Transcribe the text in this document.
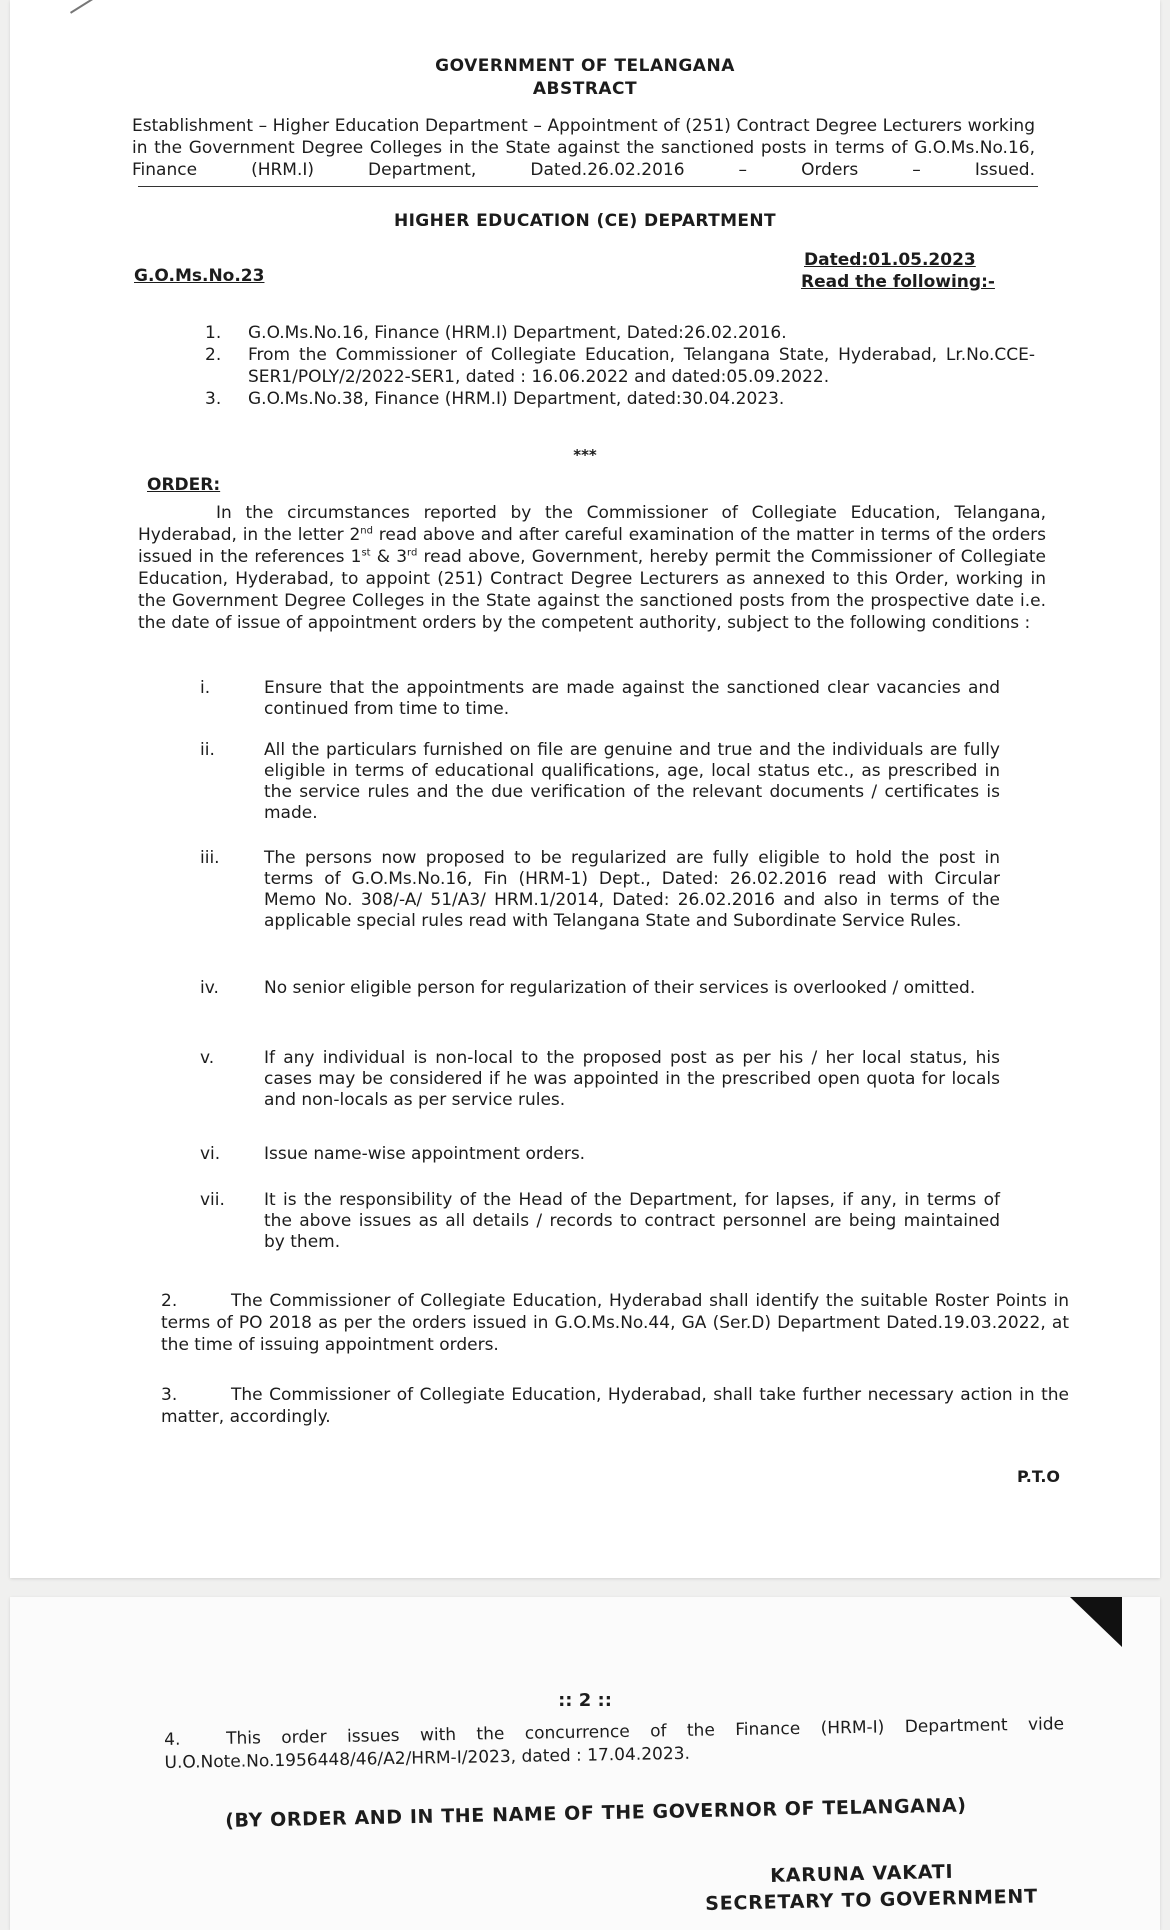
GOVERNMENT OF TELANGANA
ABSTRACT
Establishment – Higher Education Department – Appointment of (251) Contract Degree Lecturers working in the Government Degree Colleges in the State against the sanctioned posts in terms of G.O.Ms.No.16, Finance (HRM.I) Department, Dated.26.02.2016 – Orders – Issued.
HIGHER EDUCATION (CE) DEPARTMENT
G.O.Ms.No.23
Dated:01.05.2023
Read the following:-
1.	G.O.Ms.No.16, Finance (HRM.I) Department, Dated:26.02.2016.
2.	From the Commissioner of Collegiate Education, Telangana State, Hyderabad, Lr.No.CCE-SER1/POLY/2/2022-SER1, dated : 16.06.2022 and dated:05.09.2022.
3.	G.O.Ms.No.38, Finance (HRM.I) Department, dated:30.04.2023.
***
ORDER:
In the circumstances reported by the Commissioner of Collegiate Education, Telangana, Hyderabad, in the letter 2nd read above and after careful examination of the matter in terms of the orders issued in the references 1st & 3rd read above, Government, hereby permit the Commissioner of Collegiate Education, Hyderabad, to appoint (251) Contract Degree Lecturers as annexed to this Order, working in the Government Degree Colleges in the State against the sanctioned posts from the prospective date i.e. the date of issue of appointment orders by the competent authority, subject to the following conditions :
i.	Ensure that the appointments are made against the sanctioned clear vacancies and continued from time to time.
ii.	All the particulars furnished on file are genuine and true and the individuals are fully eligible in terms of educational qualifications, age, local status etc., as prescribed in the service rules and the due verification of the relevant documents / certificates is made.
iii.	The persons now proposed to be regularized are fully eligible to hold the post in terms of G.O.Ms.No.16, Fin (HRM-1) Dept., Dated: 26.02.2016 read with Circular Memo No. 308/-A/ 51/A3/ HRM.1/2014, Dated: 26.02.2016 and also in terms of the applicable special rules read with Telangana State and Subordinate Service Rules.
iv.	No senior eligible person for regularization of their services is overlooked / omitted.
v.	If any individual is non-local to the proposed post as per his / her local status, his cases may be considered if he was appointed in the prescribed open quota for locals and non-locals as per service rules.
vi.	Issue name-wise appointment orders.
vii.	It is the responsibility of the Head of the Department, for lapses, if any, in terms of the above issues as all details / records to contract personnel are being maintained by them.
2.	The Commissioner of Collegiate Education, Hyderabad shall identify the suitable Roster Points in terms of PO 2018 as per the orders issued in G.O.Ms.No.44, GA (Ser.D) Department Dated.19.03.2022, at the time of issuing appointment orders.
3.	The Commissioner of Collegiate Education, Hyderabad, shall take further necessary action in the matter, accordingly.
P.T.O
:: 2 ::
4.	This order issues with the concurrence of the Finance (HRM-I) Department vide U.O.Note.No.1956448/46/A2/HRM-I/2023, dated : 17.04.2023.
(BY ORDER AND IN THE NAME OF THE GOVERNOR OF TELANGANA)
KARUNA VAKATI
SECRETARY TO GOVERNMENT
